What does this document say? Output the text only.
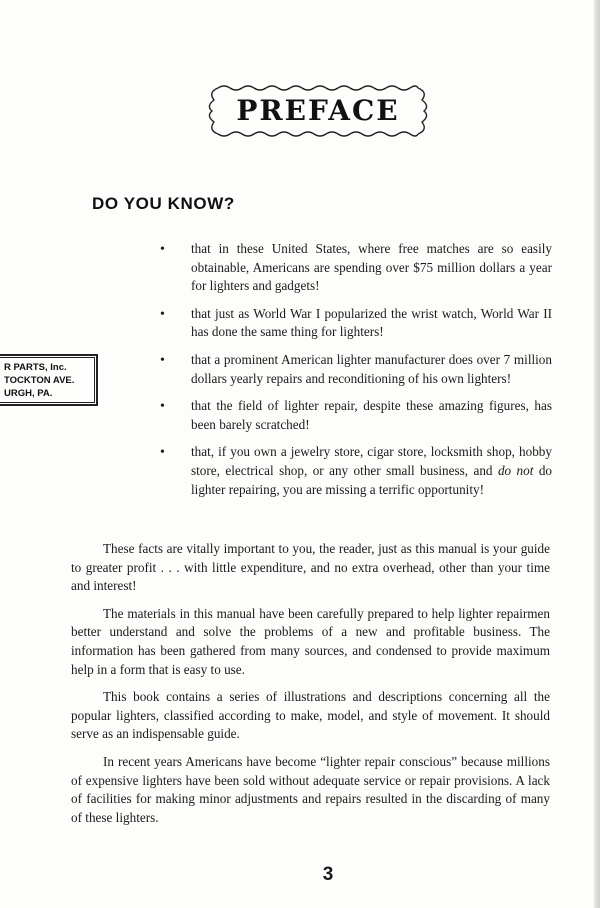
PREFACE
DO YOU KNOW?
R PARTS, Inc.
TOCKTON AVE.
URGH, PA.
• that in these United States, where free matches are so easily obtainable, Americans are spending over $75 million dollars a year for lighters and gadgets!
• that just as World War I popularized the wrist watch, World War II has done the same thing for lighters!
• that a prominent American lighter manufacturer does over 7 million dollars yearly repairs and reconditioning of his own lighters!
• that the field of lighter repair, despite these amazing figures, has been barely scratched!
• that, if you own a jewelry store, cigar store, locksmith shop, hobby store, electrical shop, or any other small business, and do not do lighter repairing, you are missing a terrific opportunity!

These facts are vitally important to you, the reader, just as this manual is your guide to greater profit . . . with little expenditure, and no extra overhead, other than your time and interest!

The materials in this manual have been carefully prepared to help lighter repairmen better understand and solve the problems of a new and profitable business. The information has been gathered from many sources, and condensed to provide maximum help in a form that is easy to use.

This book contains a series of illustrations and descriptions concerning all the popular lighters, classified according to make, model, and style of movement. It should serve as an indispensable guide.

In recent years Americans have become “lighter repair conscious” because millions of expensive lighters have been sold without adequate service or repair provisions. A lack of facilities for making minor adjustments and repairs resulted in the discarding of many of these lighters.

3
